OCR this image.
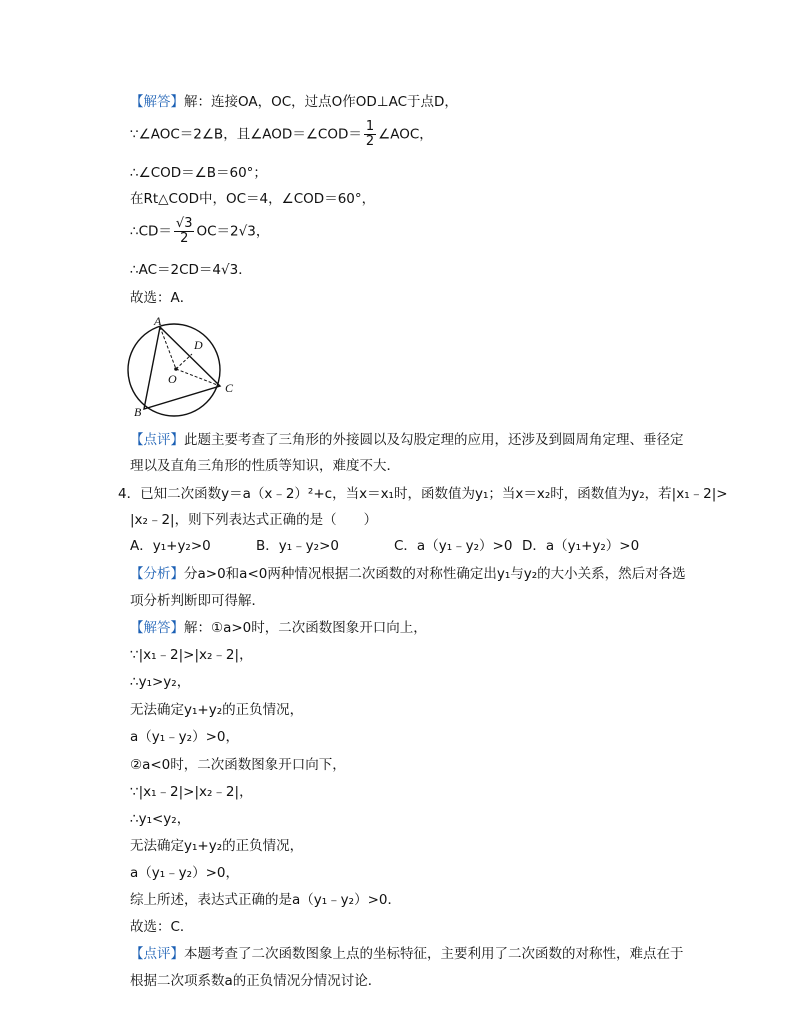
【解答】解：连接OA，OC，过点O作OD⊥AC于点D，
∵∠AOC＝2∠B，且∠AOD＝∠COD＝ $\frac{1}{2}$ ∠AOC，
∴∠COD＝∠B＝60°；
在Rt△COD中，OC＝4，∠COD＝60°，
∴CD＝ $\frac{√3}{2} OC=2√3$，
∴AC＝2CD＝4√3．
故选：A．
A
D
O
C
B
【点评】此题主要考查了三角形的外接圆以及勾股定理的应用，还涉及到圆周角定理、垂径定
理以及直角三角形的性质等知识，难度不大．
4．已知二次函数y＝a（x﹣2）²+c，当x＝x₁时，函数值为y₁；当x＝x₂时，函数值为y₂，若|x₁﹣2|>
|x₂﹣2|，则下列表达式正确的是（　　）
A．y₁+y₂>0	B．y₁﹣y₂>0	C．a（y₁﹣y₂）>0 D．a（y₁+y₂）>0
【分析】分a>0和a<0两种情况根据二次函数的对称性确定出y₁与y₂的大小关系，然后对各选
项分析判断即可得解．
【解答】解：①a>0时，二次函数图象开口向上，
∵|x₁﹣2|>|x₂﹣2|，
∴y₁>y₂，
无法确定y₁+y₂的正负情况，
a（y₁﹣y₂）>0，
②a<0时，二次函数图象开口向下，
∵|x₁﹣2|>|x₂﹣2|，
∴y₁<y₂，
无法确定y₁+y₂的正负情况，
a（y₁﹣y₂）>0，
综上所述，表达式正确的是a（y₁﹣y₂）>0．
故选：C．
【点评】本题考查了二次函数图象上点的坐标特征，主要利用了二次函数的对称性，难点在于
根据二次项系数a的正负情况分情况讨论．
